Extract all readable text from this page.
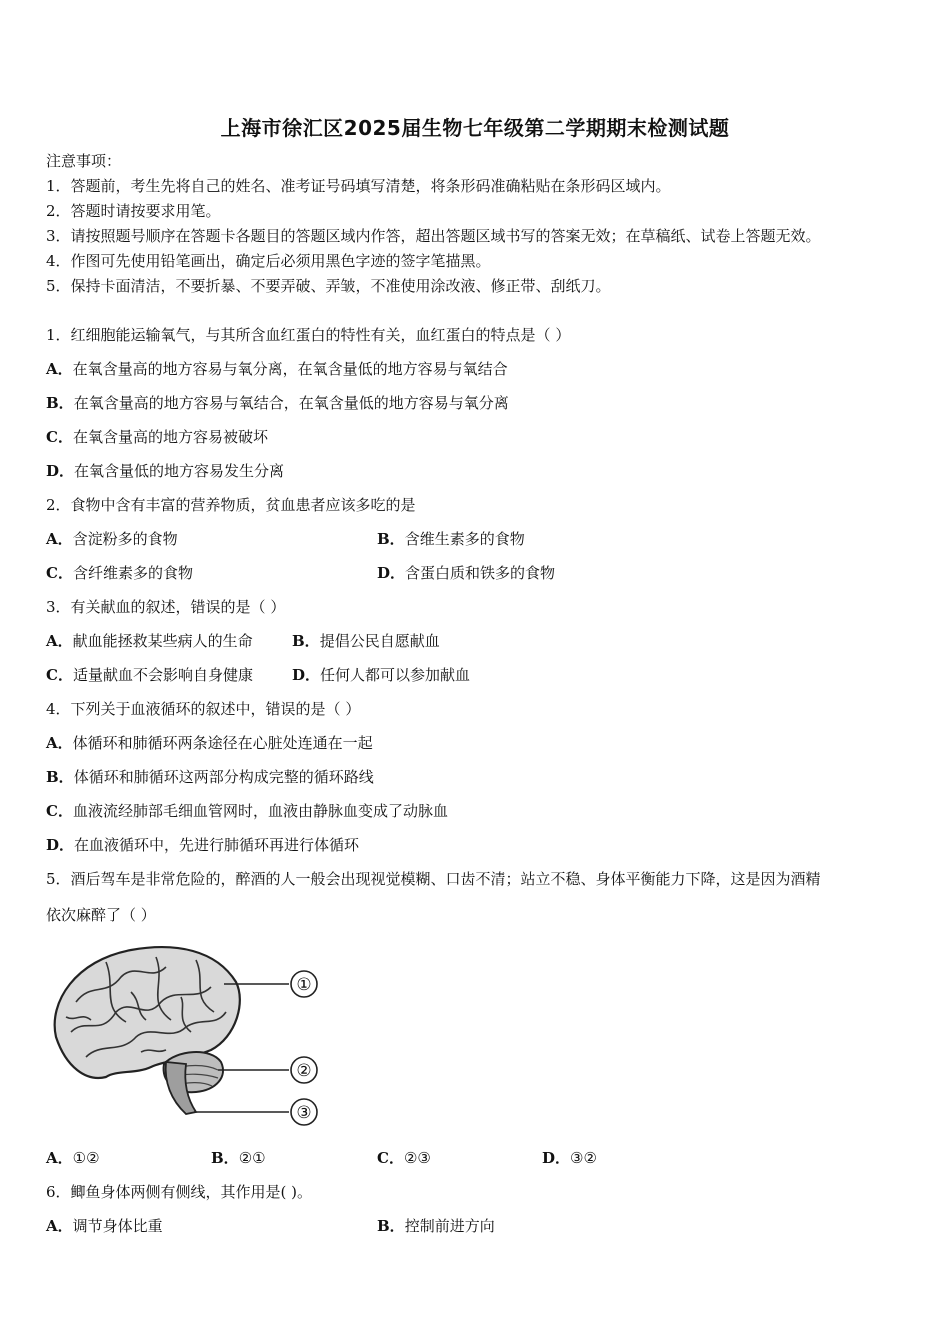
上海市徐汇区2025届生物七年级第二学期期末检测试题
注意事项：
1．答题前，考生先将自己的姓名、准考证号码填写清楚，将条形码准确粘贴在条形码区域内。
2．答题时请按要求用笔。
3．请按照题号顺序在答题卡各题目的答题区域内作答，超出答题区域书写的答案无效；在草稿纸、试卷上答题无效。
4．作图可先使用铅笔画出，确定后必须用黑色字迹的签字笔描黑。
5．保持卡面清洁，不要折暴、不要弄破、弄皱，不准使用涂改液、修正带、刮纸刀。
1．红细胞能运输氧气，与其所含血红蛋白的特性有关，血红蛋白的特点是（ ）
A．在氧含量高的地方容易与氧分离，在氧含量低的地方容易与氧结合
B．在氧含量高的地方容易与氧结合，在氧含量低的地方容易与氧分离
C．在氧含量高的地方容易被破坏
D．在氧含量低的地方容易发生分离
2．食物中含有丰富的营养物质，贫血患者应该多吃的是
A．含淀粉多的食物	B．含维生素多的食物
C．含纤维素多的食物	D．含蛋白质和铁多的食物
3．有关献血的叙述，错误的是（ ）
A．献血能拯救某些病人的生命	B．提倡公民自愿献血
C．适量献血不会影响自身健康	D．任何人都可以参加献血
4．下列关于血液循环的叙述中，错误的是（ ）
A．体循环和肺循环两条途径在心脏处连通在一起
B．体循环和肺循环这两部分构成完整的循环路线
C．血液流经肺部毛细血管网时，血液由静脉血变成了动脉血
D．在血液循环中，先进行肺循环再进行体循环
5．酒后驾车是非常危险的，醉酒的人一般会出现视觉模糊、口齿不清；站立不稳、身体平衡能力下降，这是因为酒精
依次麻醉了（ ）
①
②
③
A．①②	B．②①	C．②③	D．③②
6．鲫鱼身体两侧有侧线，其作用是( )。
A．调节身体比重	B．控制前进方向
